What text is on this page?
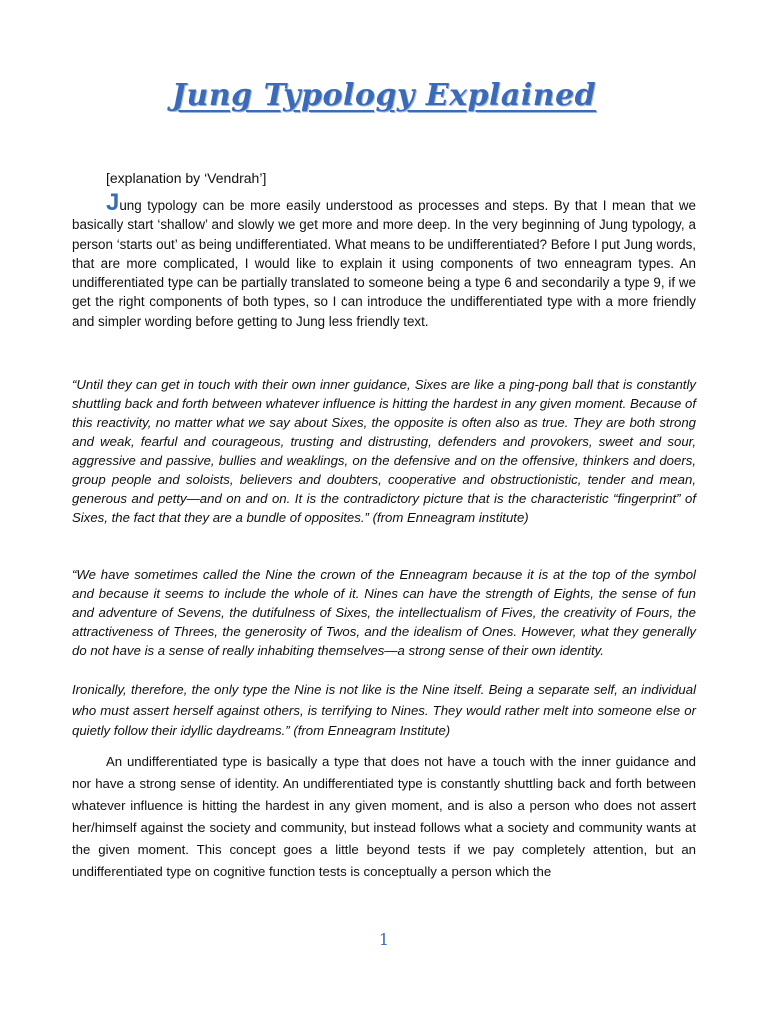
Jung Typology Explained

[explanation by ‘Vendrah’]

Jung typology can be more easily understood as processes and steps. By that I mean that we basically start ‘shallow’ and slowly we get more and more deep. In the very beginning of Jung typology, a person ‘starts out’ as being undifferentiated. What means to be undifferentiated? Before I put Jung words, that are more complicated, I would like to explain it using components of two enneagram types. An undifferentiated type can be partially translated to someone being a type 6 and secondarily a type 9, if we get the right components of both types, so I can introduce the undifferentiated type with a more friendly and simpler wording before getting to Jung less friendly text.

“Until they can get in touch with their own inner guidance, Sixes are like a ping-pong ball that is constantly shuttling back and forth between whatever influence is hitting the hardest in any given moment. Because of this reactivity, no matter what we say about Sixes, the opposite is often also as true. They are both strong and weak, fearful and courageous, trusting and distrusting, defenders and provokers, sweet and sour, aggressive and passive, bullies and weaklings, on the defensive and on the offensive, thinkers and doers, group people and soloists, believers and doubters, cooperative and obstructionistic, tender and mean, generous and petty—and on and on. It is the contradictory picture that is the characteristic “fingerprint” of Sixes, the fact that they are a bundle of opposites.” (from Enneagram institute)

“We have sometimes called the Nine the crown of the Enneagram because it is at the top of the symbol and because it seems to include the whole of it. Nines can have the strength of Eights, the sense of fun and adventure of Sevens, the dutifulness of Sixes, the intellectualism of Fives, the creativity of Fours, the attractiveness of Threes, the generosity of Twos, and the idealism of Ones. However, what they generally do not have is a sense of really inhabiting themselves—a strong sense of their own identity.

Ironically, therefore, the only type the Nine is not like is the Nine itself. Being a separate self, an individual who must assert herself against others, is terrifying to Nines. They would rather melt into someone else or quietly follow their idyllic daydreams.” (from Enneagram Institute)

An undifferentiated type is basically a type that does not have a touch with the inner guidance and nor have a strong sense of identity. An undifferentiated type is constantly shuttling back and forth between whatever influence is hitting the hardest in any given moment, and is also a person who does not assert her/himself against the society and community, but instead follows what a society and community wants at the given moment. This concept goes a little beyond tests if we pay completely attention, but an undifferentiated type on cognitive function tests is conceptually a person which the

1
